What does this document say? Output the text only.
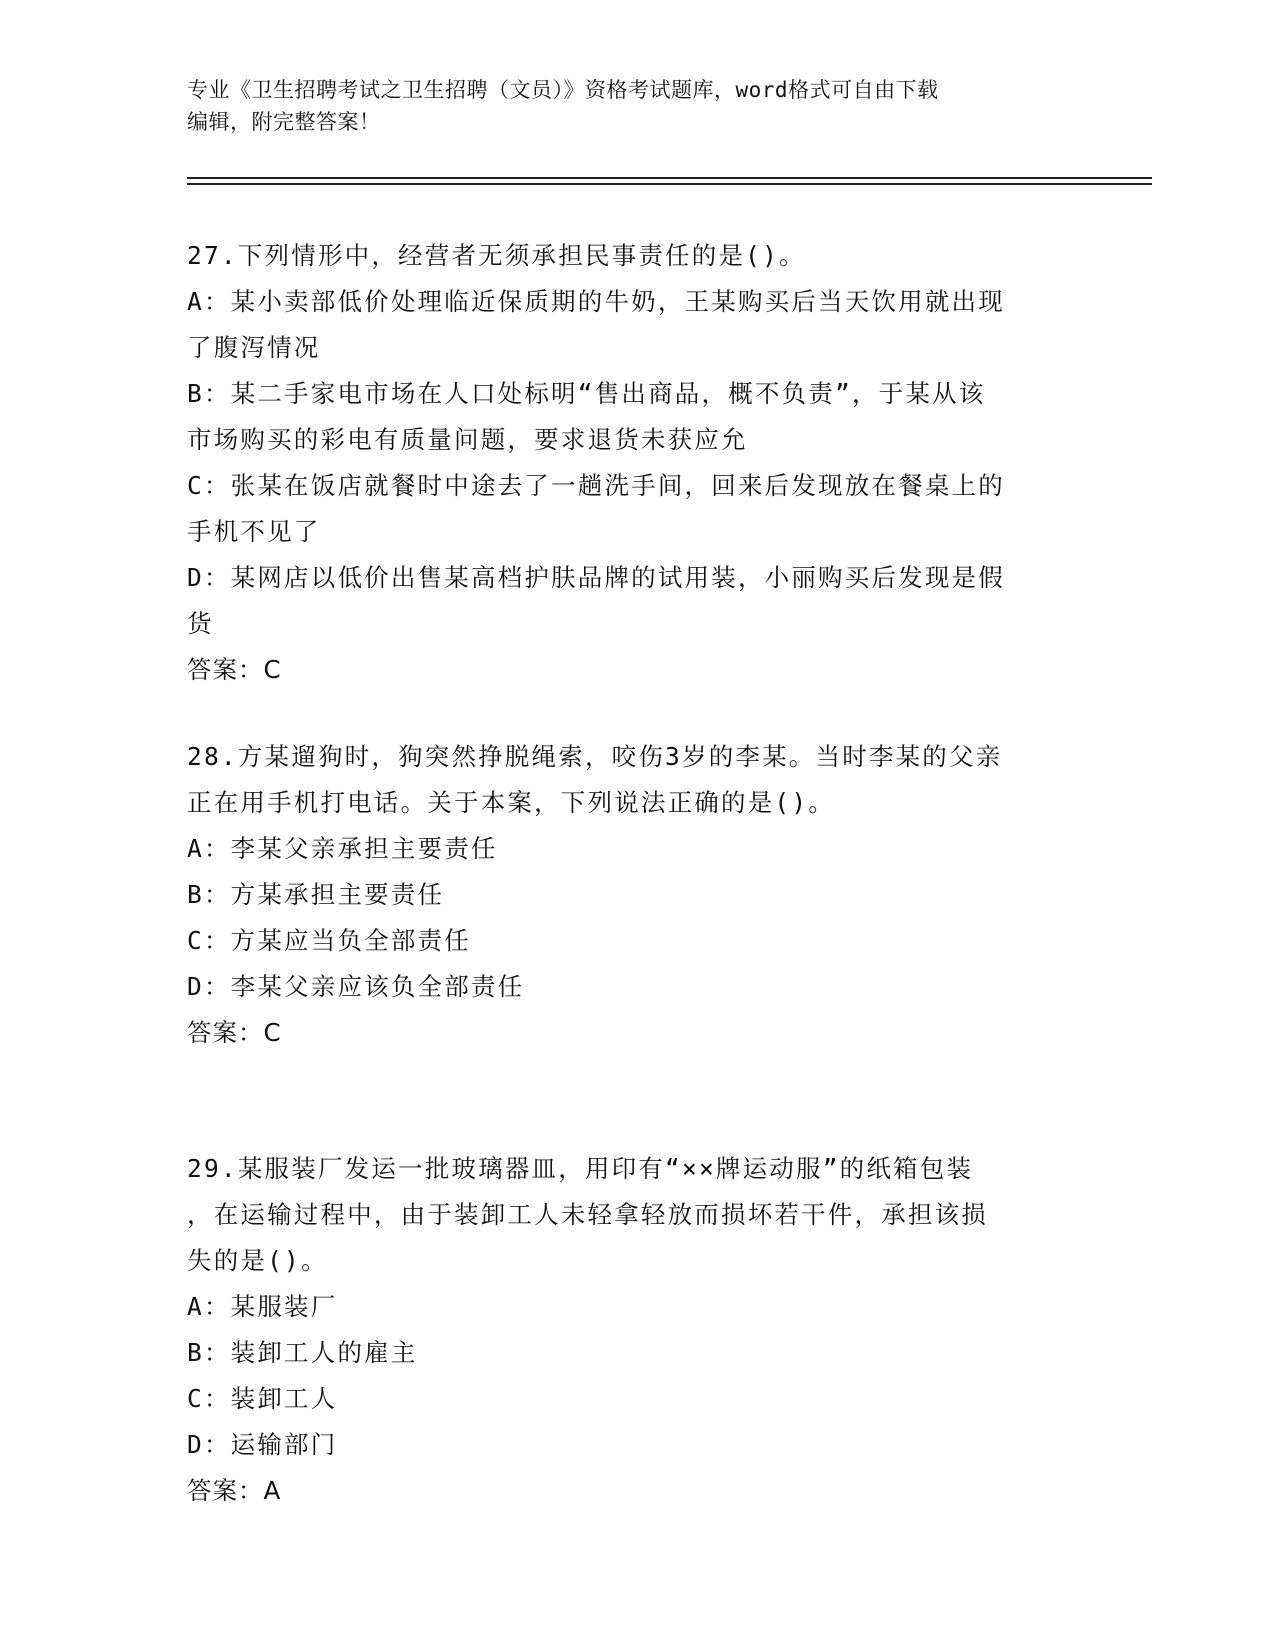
专业《卫生招聘考试之卫生招聘（文员）》资格考试题库，word格式可自由下载

编辑，附完整答案！

27.下列情形中，经营者无须承担民事责任的是()。

A：某小卖部低价处理临近保质期的牛奶，王某购买后当天饮用就出现

了腹泻情况

B：某二手家电市场在人口处标明“售出商品，概不负责”，于某从该

市场购买的彩电有质量问题，要求退货未获应允

C：张某在饭店就餐时中途去了一趟洗手间，回来后发现放在餐桌上的

手机不见了

D：某网店以低价出售某高档护肤品牌的试用装，小丽购买后发现是假

货

答案：C

28.方某遛狗时，狗突然挣脱绳索，咬伤3岁的李某。当时李某的父亲

正在用手机打电话。关于本案，下列说法正确的是()。

A：李某父亲承担主要责任

B：方某承担主要责任

C：方某应当负全部责任

D：李某父亲应该负全部责任

答案：C

29.某服装厂发运一批玻璃器皿，用印有“××牌运动服”的纸箱包装

，在运输过程中，由于装卸工人未轻拿轻放而损坏若干件，承担该损

失的是()。

A：某服装厂

B：装卸工人的雇主

C：装卸工人

D：运输部门

答案：A
